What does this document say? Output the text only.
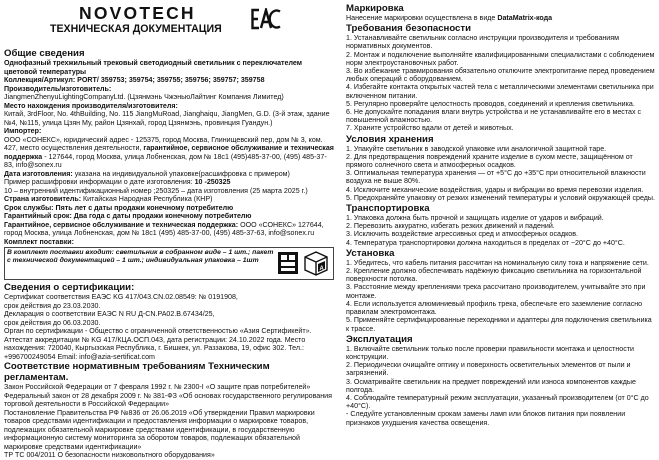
NOVOTECH
ТЕХНИЧЕСКАЯ ДОКУМЕНТАЦИЯ
Общие сведения

Однофазный трехжильный трековый светодиодный светильник с переключателем цветовой температуры

Коллекция/Артикул: PORT/ 359753; 359754; 359755; 359756; 359757; 359758

Производитель/изготовитель:

JiangmenZhenyuLightingCompanyLtd. (Цзянмэнь ЧжэньюЛайтинг Компания Лимитед)

Место нахождения производителя/изготовителя:

Китай, 3rdFloor, No. 4thBuilding, No. 115 JiangMuRoad, Jianghaiqu, JiangMen, G.D. (3-й этаж, здание №4, №115, улица Цзян Му, район Цзянхай, город Цзянмэнь, провинция Гуандун.)

Импортер:

ООО «СОНЕКС», юридический адрес - 125375, город Москва, Глинищевский пер, дом № 3, ком. 427, место осуществления деятельности, гарантийное, сервисное обслуживание и техническая поддержка - 127644, город Москва, улица Лобненская, дом № 18с1 (495)485-37-00, (495) 485-37-83, info@sonex.ru

Дата изготовления: указана на индивидуальной упаковке(расшифровка с примером)

Пример расшифровки информации о дате изготовления: 10 -250325

10 – внутренний идентификационный номер ;250325 – дата изготовления (25 марта 2025 г.)

Страна изготовитель: Китайская Народная Республика (КНР)

Срок службы: Пять лет с даты продажи конечному потребителю

Гарантийный срок: Два года с даты продажи конечному потребителю

Гарантийное, сервисное обслуживание и техническая поддержка: ООО «СОНЕКС» 127644, город Москва, улица Лобненская, дом № 18с1 (495) 485-37-00, (495) 485-37-63, info@sonex.ru

Комплект поставки:

В комплект поставки входит: светильник в собранном виде – 1 шт.; пакет с технической документацией – 1 шт.; индивидуальная упаковка – 1шт
A
Сведения о сертификации:

Сертификат соответствия ЕАЭС KG 417/043.CN.02.08549: № 0191908,

срок действия до 23.03.2030.

Декларация о соответствии ЕАЭС N RU Д-CN.PA02.B.67434/25,

срок действия до 06.03.2030.

Орган по сертификации - Общество с ограниченной ответственностью «Азия Сертификейт».

Аттестат аккредитации № KG 417/КЦА.ОСП.043, дата регистрации: 24.10.2022 года. Место нахождения: 720040, Кыргызская Республика, г. Бишкек, ул. Раззакова, 19, офис 302. Тел.: +996700249054 Email: info@azia-sertificat.com

Соответствие нормативным требованиям Техническим регламентам.

Закон Российской Федерации от 7 февраля 1992 г. № 2300-I «О защите прав потребителей»

Федеральный закон от 28 декабря 2009 г. № 381-ФЗ «Об основах государственного регулирования торговой деятельности в Российской Федерации»

Постановление Правительства РФ №836 от 26.06.2019 «Об утверждении Правил маркировки товаров средствами идентификации и предоставления информации о маркировке товаров, подлежащих обязательной маркировке средствами идентификации, в государственную информационную систему мониторинга за оборотом товаров, подлежащих обязательной маркировке средствами идентификации»

ТР ТС 004/2011 О безопасности низковольтного оборудования»

Маркировка

Нанесение маркировки осуществлена в виде DataMatrix-кода

Требования безопасности

1. Устанавливайте светильник согласно инструкции производителя и требованиям нормативных документов.

2. Монтаж и подключение выполняйте квалифицированными специалистами с соблюдением норм электроустановочных работ.

3. Во избежание травмирования обязательно отключите электропитание перед проведением любых операций с оборудованием.

4. Избегайте контакта открытых частей тела с металлическими элементами светильника при включенном питании.

5. Регулярно проверяйте целостность проводов, соединений и крепления светильника.

6. Не допускайте попадания влаги внутрь устройства и не устанавливайте его в местах с повышенной влажностью.

7. Храните устройство вдали от детей и животных.

Условия хранения

1. Упакуйте светильник в заводской упаковке или аналогичной защитной таре.

2. Для предотвращения повреждений храните изделие в сухом месте, защищённом от прямого солнечного света и атмосферных осадков.

3. Оптимальная температура хранения — от +5°С до +35°С при относительной влажности воздуха не выше 80%.

4. Исключите механические воздействия, удары и вибрации во время перевозки изделия.

5. Предохраняйте упаковку от резких изменений температуры и условий окружающей среды.

Транспортировка

1. Упаковка должна быть прочной и защищать изделие от ударов и вибраций.

2. Перевозить аккуратно, избегать резких движений и падений.

3. Исключить воздействие агрессивных сред и атмосферных осадков.

4. Температура транспортировки должна находиться в пределах от −20°C до +40°C.

Установка

1. Убедитесь, что кабель питания рассчитан на номинальную силу тока и напряжение сети.

2. Крепление должно обеспечивать надёжную фиксацию светильника на горизонтальной поверхности потолка.

3. Расстояние между креплениями трека рассчитано производителем, учитывайте это при монтаже.

4. Если используется алюминиевый профиль трека, обеспечьте его заземление согласно правилам электромонтажа.

5. Применяйте сертифицированные переходники и адаптеры для подключения светильника к трассе.

Эксплуатация

1. Включайте светильник только после проверки правильности монтажа и целостности конструкции.

2. Периодически очищайте оптику и поверхность осветительных элементов от пыли и загрязнений.

3. Осматривайте светильник на предмет повреждений или износа компонентов каждые полгода.

4. Соблюдайте температурный режим эксплуатации, указанный производителем (от 0°С до +40°С).

- Следуйте установленным срокам замены ламп или блоков питания при появлении признаков ухудшения качества освещения.
